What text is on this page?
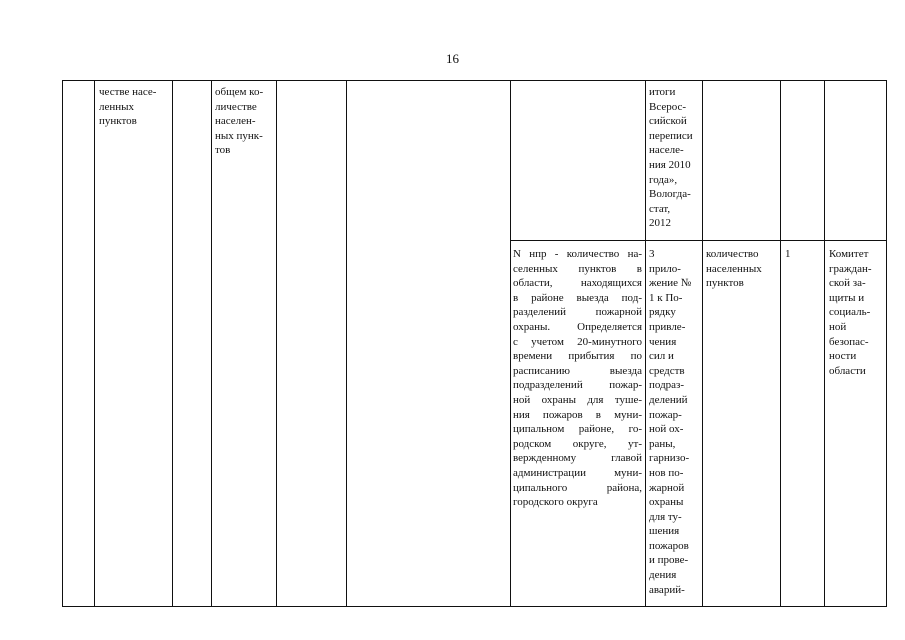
16
честве насе-
ленных
пунктов
общем ко-
личестве
населен-
ных пунк-
тов
итоги
Всерос-
сийской
переписи
населе-
ния 2010
года»,
Вологда-
стат,
2012
N нпр - количество на-
селенных пунктов в
области, находящихся
в районе выезда под-
разделений пожарной
охраны. Определяется
с учетом 20-минутного
времени прибытия по
расписанию выезда
подразделений пожар-
ной охраны для туше-
ния пожаров в муни-
ципальном районе, го-
родском округе, ут-
вержденному главой
администрации муни-
ципального района,
городского округа
3
прило-
жение №
1 к По-
рядку
привле-
чения
сил и
средств
подраз-
делений
пожар-
ной ох-
раны,
гарнизо-
нов по-
жарной
охраны
для ту-
шения
пожаров
и прове-
дения
аварий-
количество
населенных
пунктов
1	Комитет
граждан-
ской за-
щиты и
социаль-
ной
безопас-
ности
области
